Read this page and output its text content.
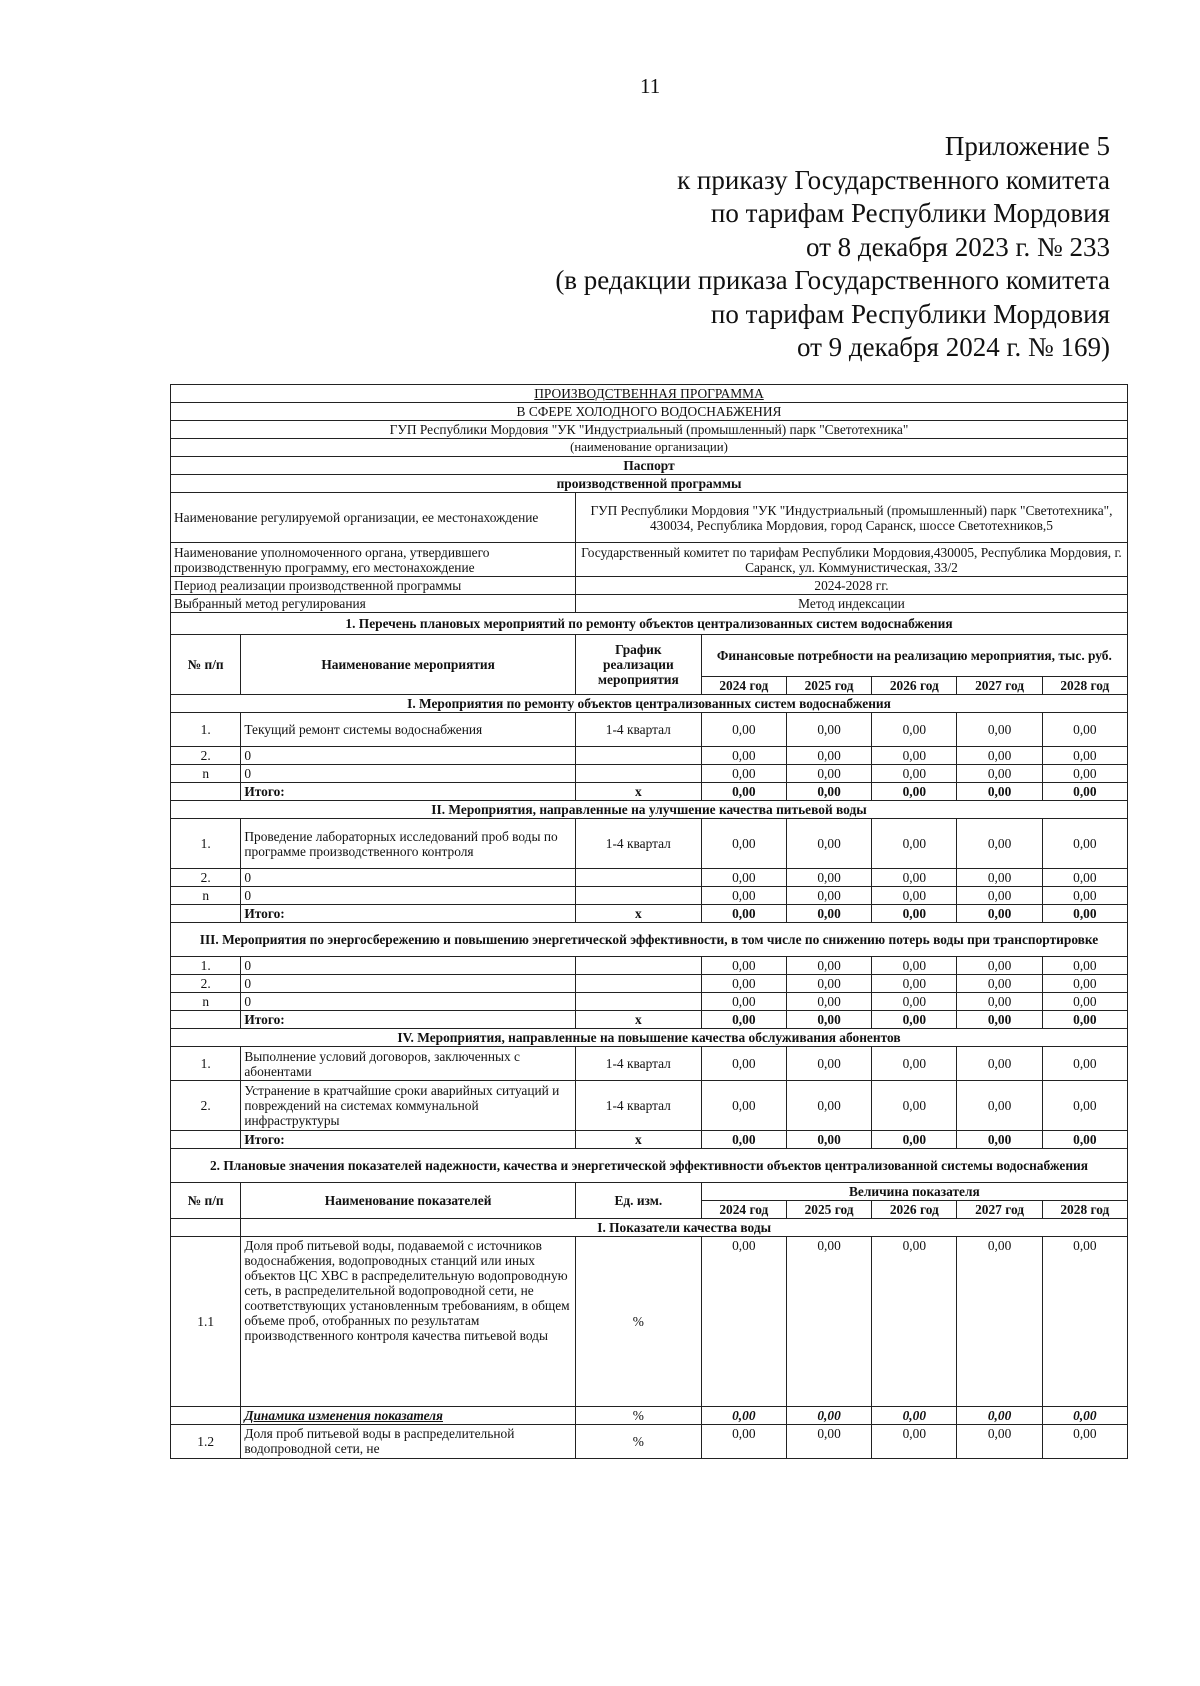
11
Приложение 5
к приказу Государственного комитета
по тарифам Республики Мордовия
от 8 декабря 2023 г. № 233
(в редакции приказа Государственного комитета
по тарифам Республики Мордовия
от 9 декабря 2024 г. № 169)
ПРОИЗВОДСТВЕННАЯ ПРОГРАММА							
В СФЕРЕ ХОЛОДНОГО ВОДОСНАБЖЕНИЯ							
ГУП Республики Мордовия "УК "Индустриальный (промышленный) парк "Светотехника"							
(наименование организации)							
Паспорт							
производственной программы							
Наименование регулируемой организации, ее местонахождение		ГУП Республики Мордовия "УК "Индустриальный (промышленный) парк "Светотехника", 430034, Республика Мордовия, город Саранск, шоссе Светотехников,5					
Наименование уполномоченного органа, утвердившего производственную программу, его местонахождение		Государственный комитет по тарифам Республики Мордовия,430005, Республика Мордовия, г. Саранск, ул. Коммунистическая, 33/2					
Период реализации производственной программы		2024-2028 гг.					
Выбранный метод регулирования		Метод индексации					
1. Перечень плановых мероприятий по ремонту объектов централизованных систем водоснабжения							
№ п/п	Наименование мероприятия	График реализации мероприятия	Финансовые потребности на реализацию мероприятия, тыс. руб.				
			2024 год	2025 год	2026 год	2027 год	2028 год
I. Мероприятия по ремонту объектов централизованных систем водоснабжения							
1.	Текущий ремонт системы водоснабжения	1-4 квартал	0,00	0,00	0,00	0,00	0,00
2.	0		0,00	0,00	0,00	0,00	0,00
n	0		0,00	0,00	0,00	0,00	0,00
	Итого:	х	0,00	0,00	0,00	0,00	0,00
II. Мероприятия, направленные на улучшение качества питьевой воды							
1.	Проведение лабораторных исследований проб воды по программе производственного контроля	1-4 квартал	0,00	0,00	0,00	0,00	0,00
2.	0		0,00	0,00	0,00	0,00	0,00
n	0		0,00	0,00	0,00	0,00	0,00
	Итого:	х	0,00	0,00	0,00	0,00	0,00
III. Мероприятия по энергосбережению и повышению энергетической эффективности, в том числе по снижению потерь воды при транспортировке							
1.	0		0,00	0,00	0,00	0,00	0,00
2.	0		0,00	0,00	0,00	0,00	0,00
n	0		0,00	0,00	0,00	0,00	0,00
	Итого:	х	0,00	0,00	0,00	0,00	0,00
IV. Мероприятия, направленные на повышение качества обслуживания абонентов							
1.	Выполнение условий договоров, заключенных с абонентами	1-4 квартал	0,00	0,00	0,00	0,00	0,00
2.	Устранение в кратчайшие сроки аварийных ситуаций и повреждений на системах коммунальной инфраструктуры	1-4 квартал	0,00	0,00	0,00	0,00	0,00
	Итого:	х	0,00	0,00	0,00	0,00	0,00
2. Плановые значения показателей надежности, качества и энергетической эффективности объектов централизованной системы водоснабжения							
№ п/п	Наименование показателей	Ед. изм.	Величина показателя				
			2024 год	2025 год	2026 год	2027 год	2028 год
	I. Показатели качества воды						
1.1	Доля проб питьевой воды, подаваемой с источников водоснабжения, водопроводных станций или иных объектов ЦС ХВС в распределительную водопроводную сеть, в распределительной водопроводной сети, не соответствующих установленным требованиям, в общем объеме проб, отобранных по результатам производственного контроля качества питьевой воды	%	0,00	0,00	0,00	0,00	0,00
	Динамика изменения показателя	%	0,00	0,00	0,00	0,00	0,00
1.2	Доля проб питьевой воды в распределительной водопроводной сети, не	%	0,00	0,00	0,00	0,00	0,00
